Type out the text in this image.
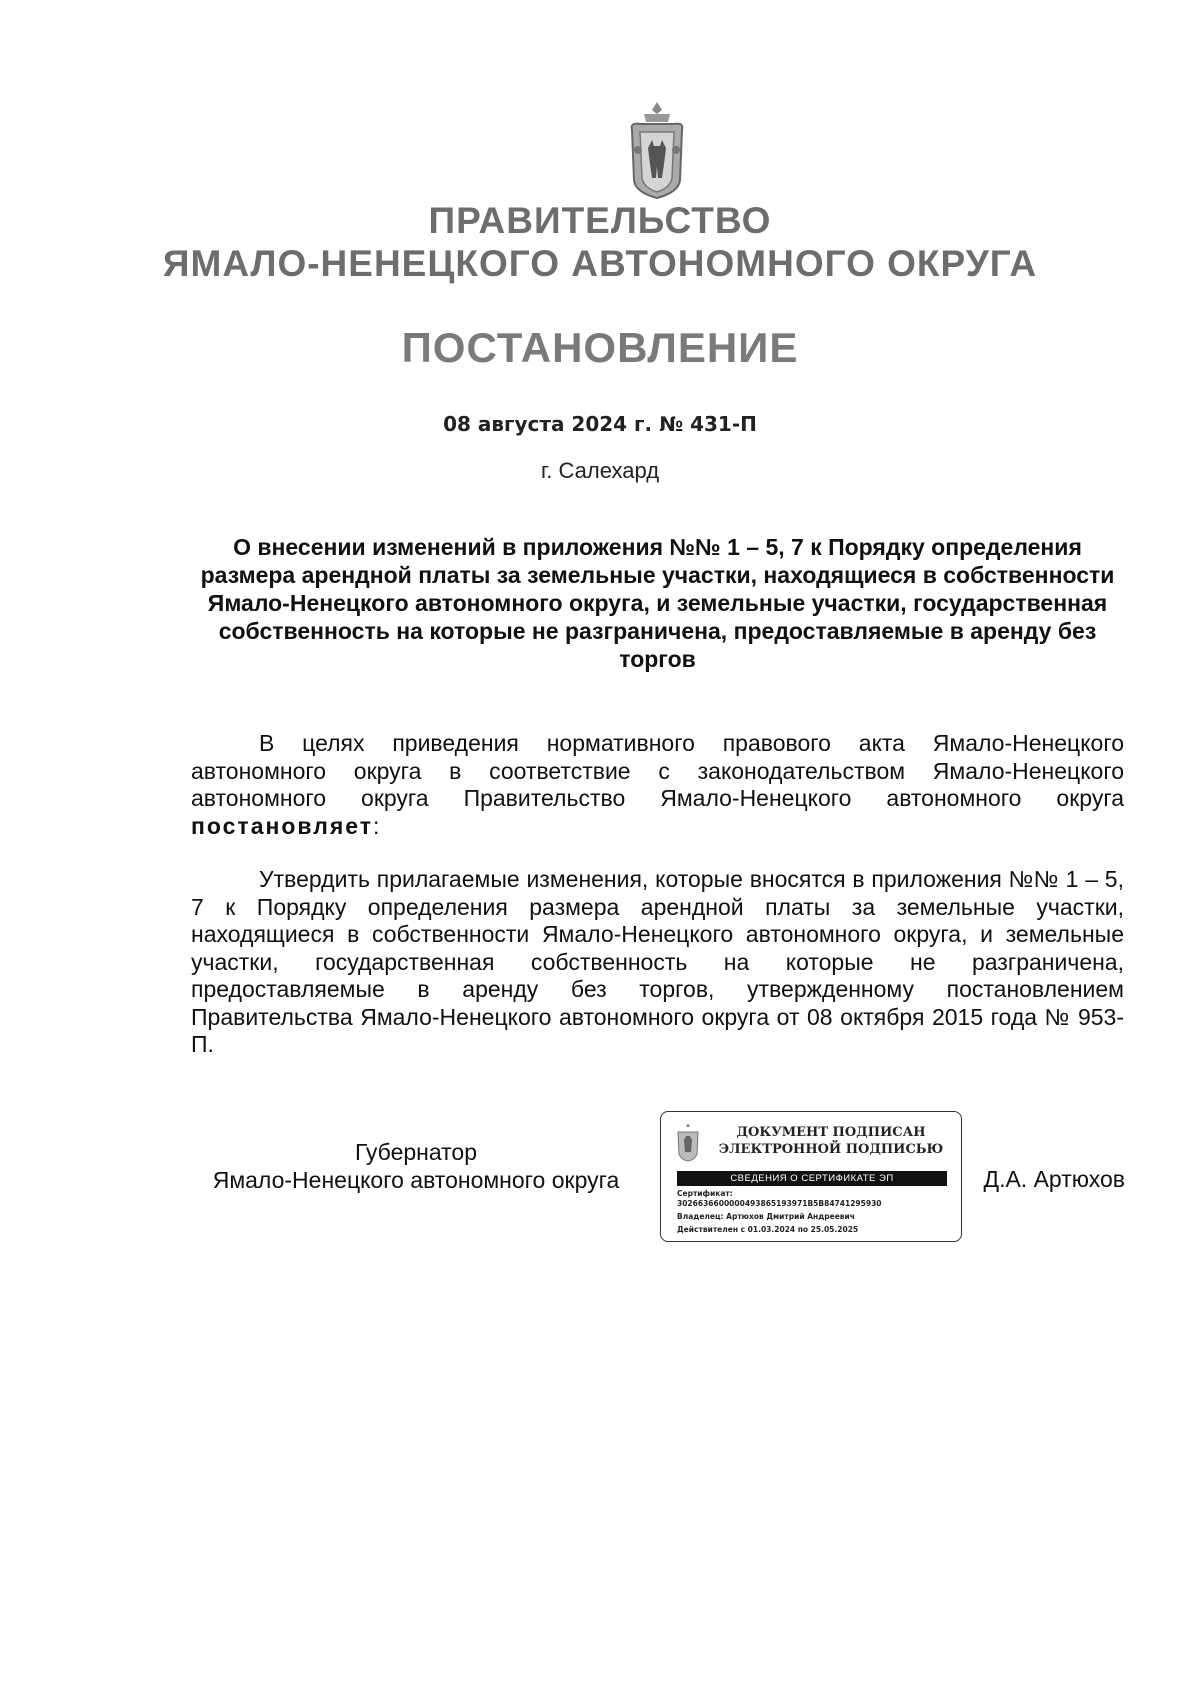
ПРАВИТЕЛЬСТВО
ЯМАЛО-НЕНЕЦКОГО АВТОНОМНОГО ОКРУГА
ПОСТАНОВЛЕНИЕ
08 августа 2024 г. № 431-П
г. Салехард
О внесении изменений в приложения №№ 1 – 5, 7 к Порядку определения размера арендной платы за земельные участки, находящиеся в собственности Ямало-Ненецкого автономного округа, и земельные участки, государственная собственность на которые не разграничена, предоставляемые в аренду без торгов
В целях приведения нормативного правового акта Ямало-Ненецкого автономного округа в соответствие с законодательством Ямало-Ненецкого автономного округа Правительство Ямало-Ненецкого автономного округа постановляет:
Утвердить прилагаемые изменения, которые вносятся в приложения №№ 1 – 5, 7 к Порядку определения размера арендной платы за земельные участки, находящиеся в собственности Ямало-Ненецкого автономного округа, и земельные участки, государственная собственность на которые не разграничена, предоставляемые в аренду без торгов, утвержденному постановлением Правительства Ямало-Ненецкого автономного округа от 08 октября 2015 года № 953-П.
Губернатор
Ямало-Ненецкого автономного округа
ДОКУМЕНТ ПОДПИСАН
ЭЛЕКТРОННОЙ ПОДПИСЬЮ
СВЕДЕНИЯ О СЕРТИФИКАТЕ ЭП
Сертификат:
3026636600000493865193971B5B84741295930
Владелец: Артюхов Дмитрий Андреевич
Действителен с 01.03.2024 по 25.05.2025
Д.А. Артюхов
